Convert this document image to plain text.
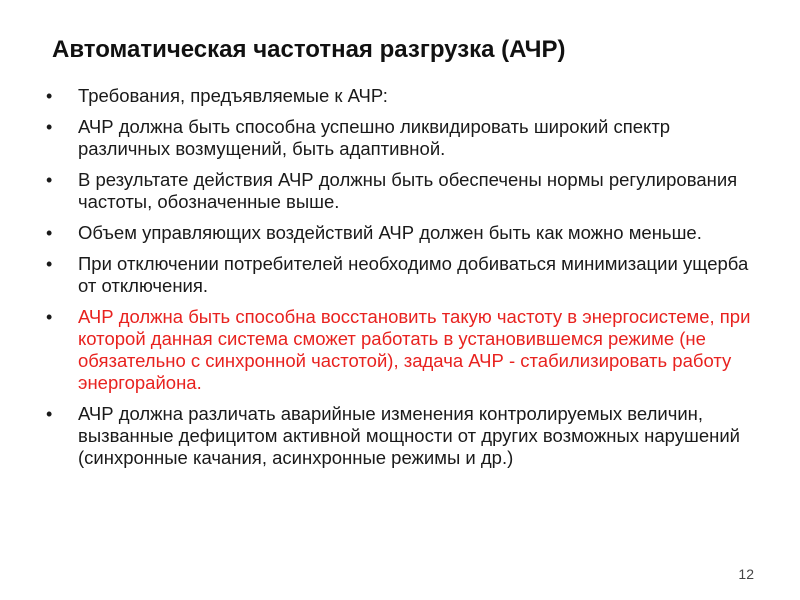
Автоматическая частотная разгрузка (АЧР)
• Требования, предъявляемые к АЧР:
• АЧР должна быть способна успешно ликвидировать широкий спектр
различных возмущений, быть адаптивной.
• В результате действия АЧР должны быть обеспечены нормы регулирования частоты, обозначенные выше.
• Объем управляющих воздействий АЧР должен быть как можно меньше.
• При отключении потребителей необходимо добиваться минимизации ущерба от отключения.
• АЧР должна быть способна восстановить такую частоту в энергосистеме, при которой данная система сможет работать в установившемся режиме (не обязательно с синхронной частотой), задача АЧР - стабилизировать работу энергорайона.
• АЧР должна различать аварийные изменения контролируемых величин, вызванные дефицитом активной мощности от других возможных нарушений (синхронные качания, асинхронные режимы и др.)
12
